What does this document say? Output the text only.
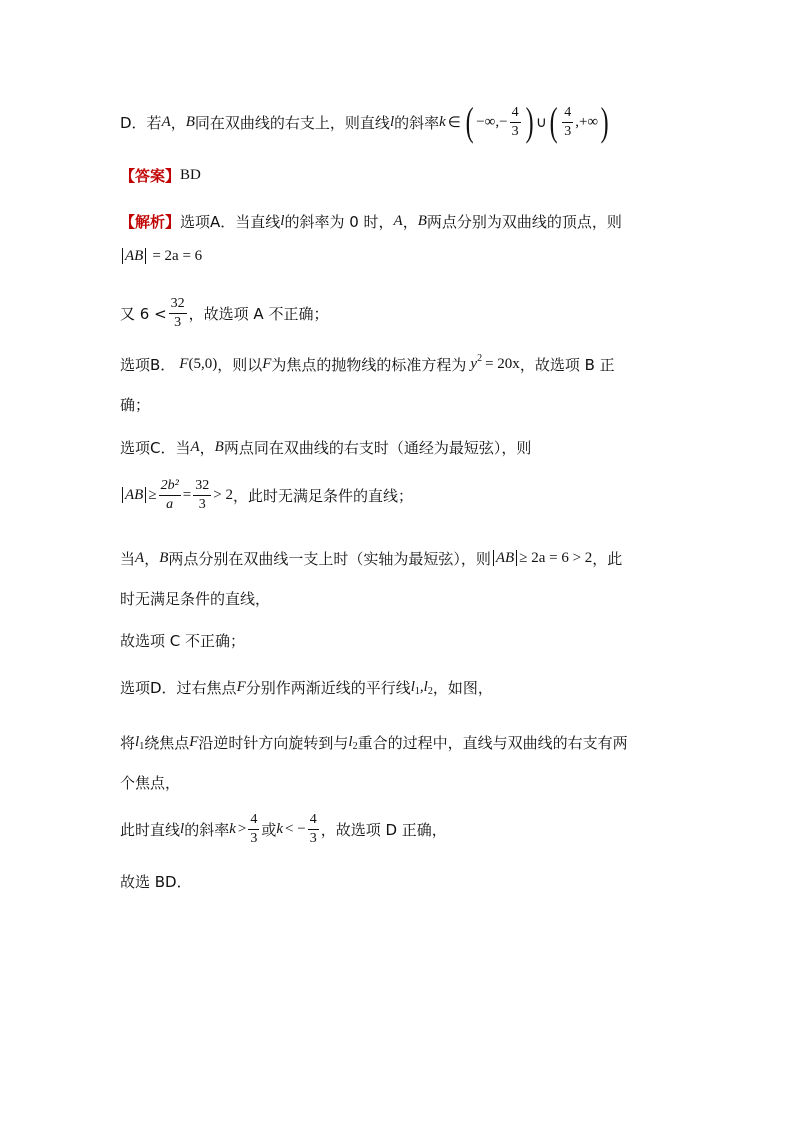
D．若 A ， B 同在双曲线的右支上，则直线 l 的斜率 k ∈ ( −∞,− $\frac{4}{3}$ ) ∪ ( $\frac{4}{3}$ ,+∞ )
【答案】 BD
【解析】 选项A．当直线 l 的斜率为 0 时， A ， B 两点分别为双曲线的顶点，则
AB = 2a = 6
又 $6 < \frac{32}{3}$ ，故选项 A 不正确；
选项B． F (5,0) ，则以 F 为焦点的抛物线的标准方程为 $y^2 = 20x$ ，故选项 B 正
确；
选项C．当 A ， B 两点同在双曲线的右支时（通经为最短弦），则
AB ≥ $\frac{\text{2b²}}{a} = \frac{32}{3} > 2$ ，此时无满足条件的直线；
当 A ， B 两点分别在双曲线一支上时（实轴为最短弦），则 AB ≥ 2a = 6 > 2 ，此
时无满足条件的直线，
故选项 C 不正确；
选项D．过右焦点 F 分别作两渐近线的平行线 $l_1$ , $l_2$ ，如图，
将 $l_1$ 绕焦点 F 沿逆时针方向旋转到与 $l_2$ 重合的过程中，直线与双曲线的右支有两
个焦点，
此时直线 l 的斜率 $k > \frac{4}{3}$ 或 k < − $\frac{4}{3}$ ，故选项 D 正确，
故选 BD．
